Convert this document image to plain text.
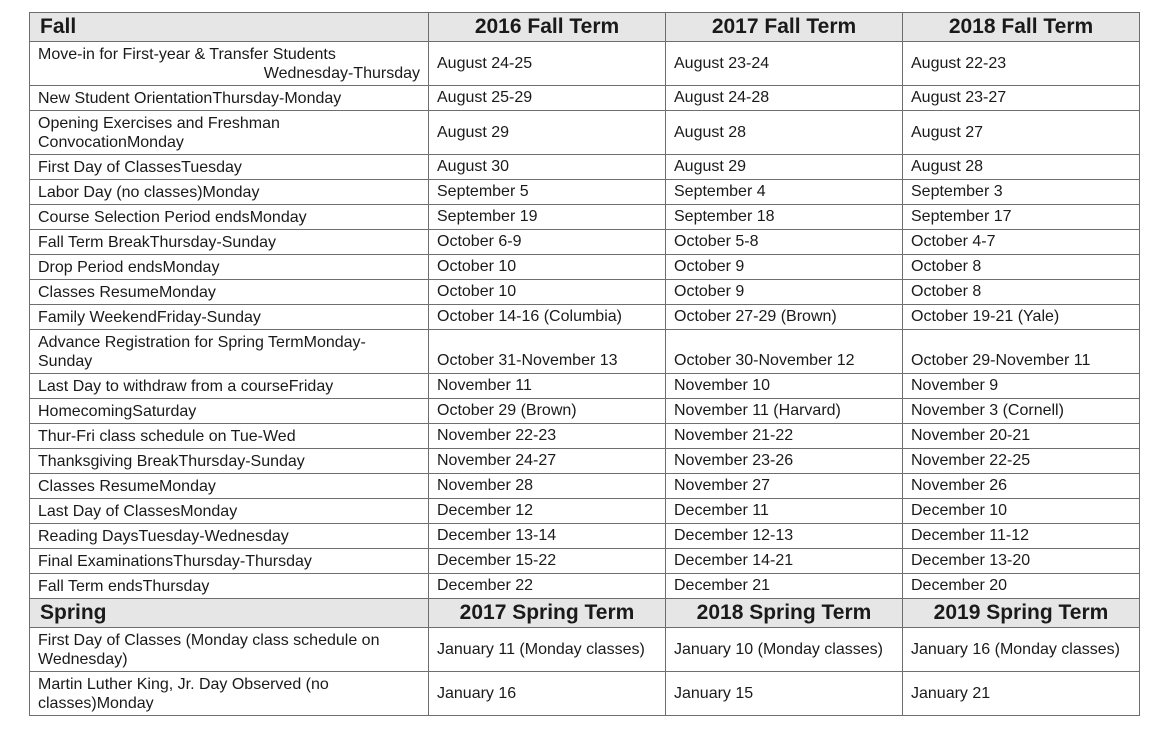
Fall	2016 Fall Term	2017 Fall Term	2018 Fall Term

Move-in for First-year & Transfer Students
Wednesday-Thursday	August 24-25	August 23-24	August 22-23

New Student OrientationThursday-Monday	August 25-29	August 24-28	August 23-27

Opening Exercises and Freshman ConvocationMonday	August 29	August 28	August 27

First Day of ClassesTuesday	August 30	August 29	August 28

Labor Day (no classes)Monday	September 5	September 4	September 3

Course Selection Period endsMonday	September 19	September 18	September 17

Fall Term BreakThursday-Sunday	October 6-9	October 5-8	October 4-7

Drop Period endsMonday	October 10	October 9	October 8

Classes ResumeMonday	October 10	October 9	October 8

Family WeekendFriday-Sunday	October 14-16 (Columbia)	October 27-29 (Brown)	October 19-21 (Yale)

Advance Registration for Spring TermMonday-Sunday	October 31-November 13	October 30-November 12	October 29-November 11

Last Day to withdraw from a courseFriday	November 11	November 10	November 9

HomecomingSaturday	October 29 (Brown)	November 11 (Harvard)	November 3 (Cornell)

Thur-Fri class schedule on Tue-Wed	November 22-23	November 21-22	November 20-21

Thanksgiving BreakThursday-Sunday	November 24-27	November 23-26	November 22-25

Classes ResumeMonday	November 28	November 27	November 26

Last Day of ClassesMonday	December 12	December 11	December 10

Reading DaysTuesday-Wednesday	December 13-14	December 12-13	December 11-12

Final ExaminationsThursday-Thursday	December 15-22	December 14-21	December 13-20

Fall Term endsThursday	December 22	December 21	December 20
Spring	2017 Spring Term	2018 Spring Term	2019 Spring Term

First Day of Classes (Monday class schedule on Wednesday)	January 11 (Monday classes)	January 10 (Monday classes)	January 16 (Monday classes)

Martin Luther King, Jr. Day Observed (no classes)Monday	January 16	January 15	January 21
